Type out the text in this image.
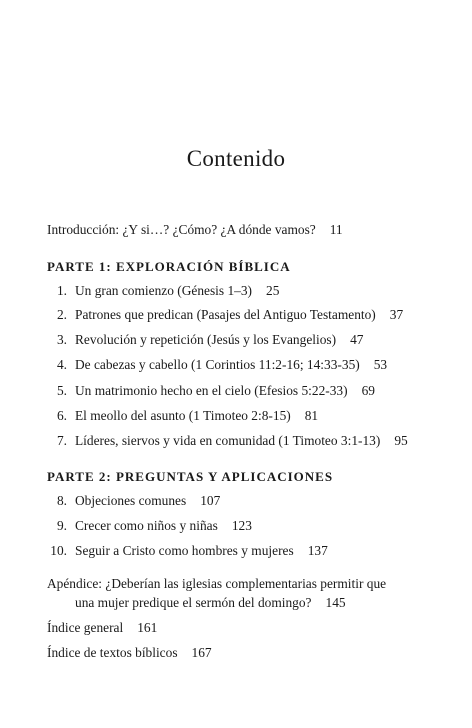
Contenido
Introducción: ¿Y si…? ¿Cómo? ¿A dónde vamos? 11
PARTE 1: EXPLORACIÓN BÍBLICA
1. Un gran comienzo (Génesis 1–3) 25
2. Patrones que predican (Pasajes del Antiguo Testamento) 37
3. Revolución y repetición (Jesús y los Evangelios) 47
4. De cabezas y cabello (1 Corintios 11:2-16; 14:33-35) 53
5. Un matrimonio hecho en el cielo (Efesios 5:22-33) 69
6. El meollo del asunto (1 Timoteo 2:8-15) 81
7. Líderes, siervos y vida en comunidad (1 Timoteo 3:1-13) 95
PARTE 2: PREGUNTAS Y APLICACIONES
8. Objeciones comunes 107
9. Crecer como niños y niñas 123
10. Seguir a Cristo como hombres y mujeres 137
Apéndice: ¿Deberían las iglesias complementarias permitir que
una mujer predique el sermón del domingo? 145
Índice general 161
Índice de textos bíblicos 167
